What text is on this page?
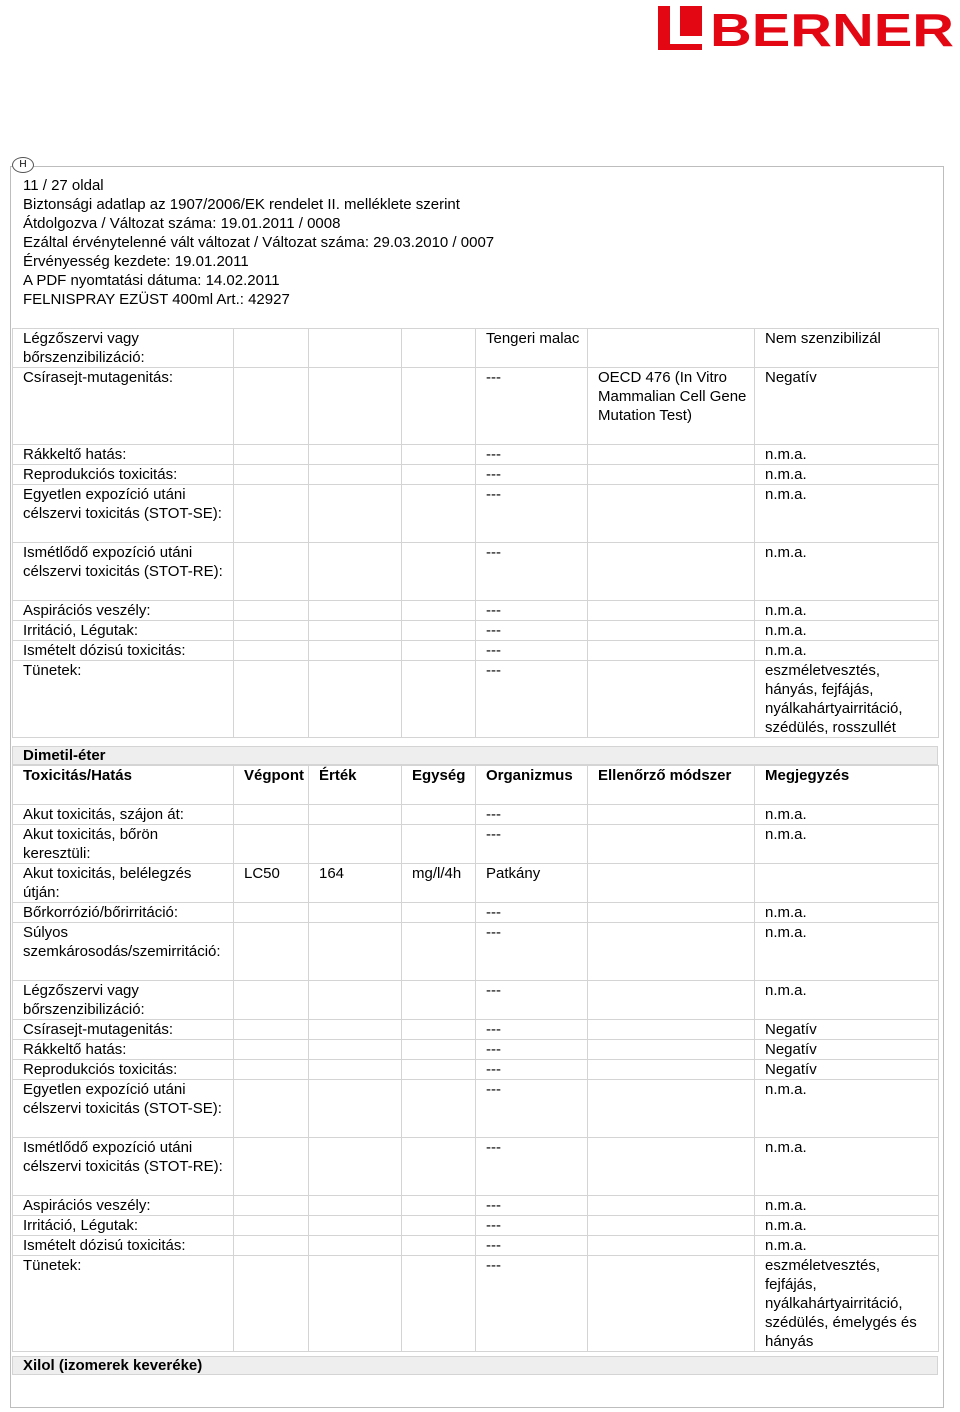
BERNER
H
11 / 27 oldal
Biztonsági adatlap az 1907/2006/EK rendelet II. melléklete szerint
Átdolgozva / Változat száma: 19.01.2011 / 0008
Ezáltal érvénytelenné vált változat / Változat száma: 29.03.2010 / 0007
Érvényesség kezdete: 19.01.2011
A PDF nyomtatási dátuma: 14.02.2011
FELNISPRAY EZÜST 400ml Art.: 42927
Légzőszervi vagy bőrszenzibilizáció:				Tengeri malac		Nem szenzibilizál
Csírasejt-mutagenitás:				---	OECD 476 (In Vitro Mammalian Cell Gene Mutation Test)	Negatív
Rákkeltő hatás:				---		n.m.a.
Reprodukciós toxicitás:				---		n.m.a.
Egyetlen expozíció utáni célszervi toxicitás (STOT-SE):				---		n.m.a.
Ismétlődő expozíció utáni célszervi toxicitás (STOT-RE):				---		n.m.a.
Aspirációs veszély:				---		n.m.a.
Irritáció, Légutak:				---		n.m.a.
Ismételt dózisú toxicitás:				---		n.m.a.
Tünetek:				---		eszméletvesztés, hányás, fejfájás, nyálkahártyairritáció, szédülés, rosszullét
Dimetil-éter
Toxicitás/Hatás	Végpont	Érték	Egység	Organizmus	Ellenőrző módszer	Megjegyzés
Akut toxicitás, szájon át:				---		n.m.a.
Akut toxicitás, bőrön keresztüli:				---		n.m.a.
Akut toxicitás, belélegzés útján:	LC50	164	mg/l/4h	Patkány		
Bőrkorrózió/bőrirritáció:				---		n.m.a.
Súlyos szemkárosodás/szemirritáció:				---		n.m.a.
Légzőszervi vagy bőrszenzibilizáció:				---		n.m.a.
Csírasejt-mutagenitás:				---		Negatív
Rákkeltő hatás:				---		Negatív
Reprodukciós toxicitás:				---		Negatív
Egyetlen expozíció utáni célszervi toxicitás (STOT-SE):				---		n.m.a.
Ismétlődő expozíció utáni célszervi toxicitás (STOT-RE):				---		n.m.a.
Aspirációs veszély:				---		n.m.a.
Irritáció, Légutak:				---		n.m.a.
Ismételt dózisú toxicitás:				---		n.m.a.
Tünetek:				---		eszméletvesztés, fejfájás, nyálkahártyairritáció, szédülés, émelygés és hányás
Xilol (izomerek keveréke)
